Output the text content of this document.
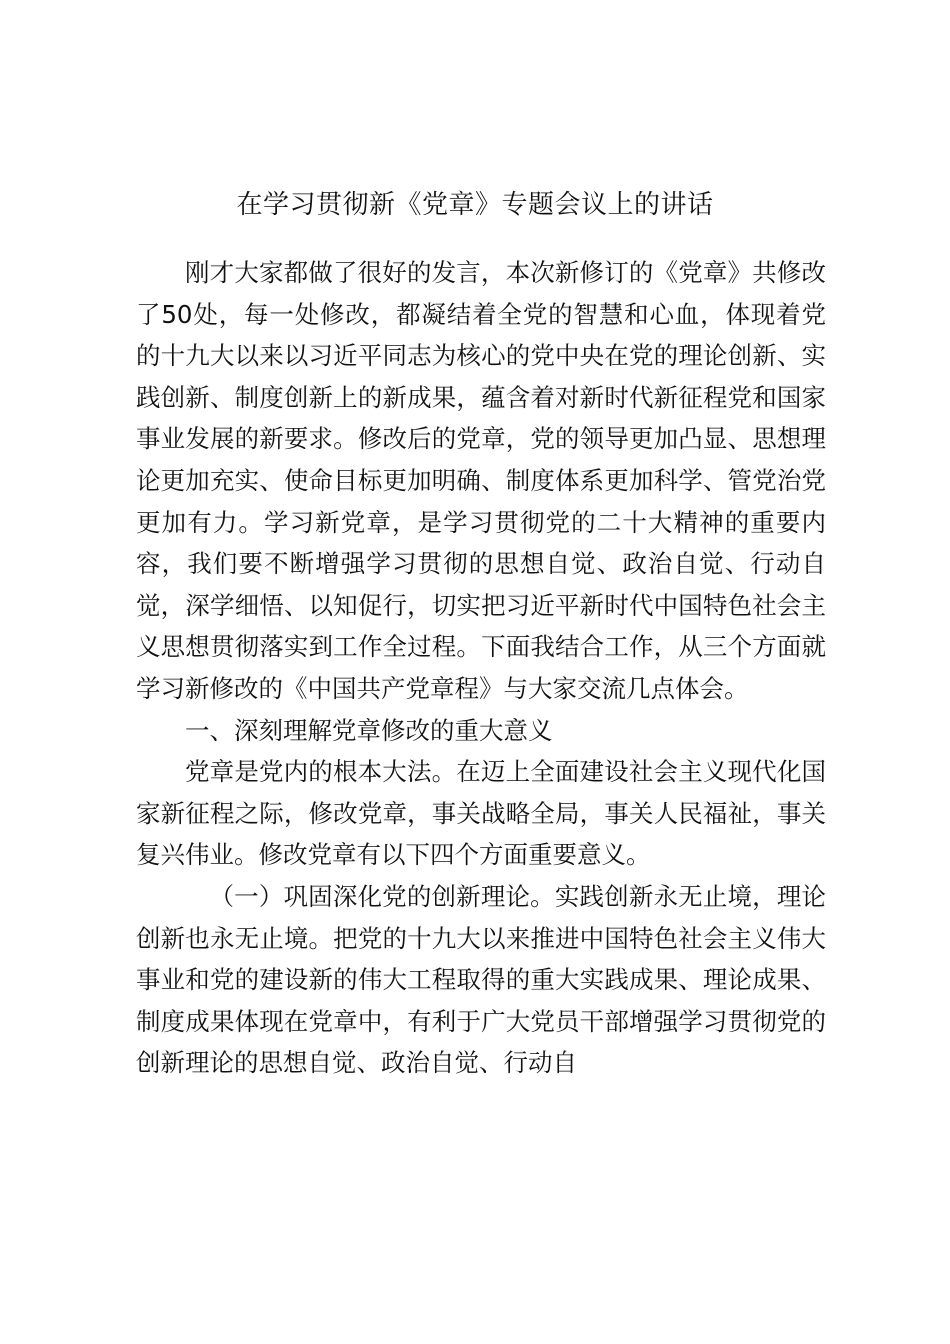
在学习贯彻新《党章》专题会议上的讲话

刚才大家都做了很好的发言，本次新修订的《党章》共修改了50处，每一处修改，都凝结着全党的智慧和心血，体现着党的十九大以来以习近平同志为核心的党中央在党的理论创新、实践创新、制度创新上的新成果，蕴含着对新时代新征程党和国家事业发展的新要求。修改后的党章，党的领导更加凸显、思想理论更加充实、使命目标更加明确、制度体系更加科学、管党治党更加有力。学习新党章，是学习贯彻党的二十大精神的重要内容，我们要不断增强学习贯彻的思想自觉、政治自觉、行动自觉，深学细悟、以知促行，切实把习近平新时代中国特色社会主义思想贯彻落实到工作全过程。下面我结合工作，从三个方面就学习新修改的《中国共产党章程》与大家交流几点体会。

一、深刻理解党章修改的重大意义

党章是党内的根本大法。在迈上全面建设社会主义现代化国家新征程之际，修改党章，事关战略全局，事关人民福祉，事关复兴伟业。修改党章有以下四个方面重要意义。

（一）巩固深化党的创新理论。实践创新永无止境，理论创新也永无止境。把党的十九大以来推进中国特色社会主义伟大事业和党的建设新的伟大工程取得的重大实践成果、理论成果、制度成果体现在党章中，有利于广大党员干部增强学习贯彻党的创新理论的思想自觉、政治自觉、行动自
